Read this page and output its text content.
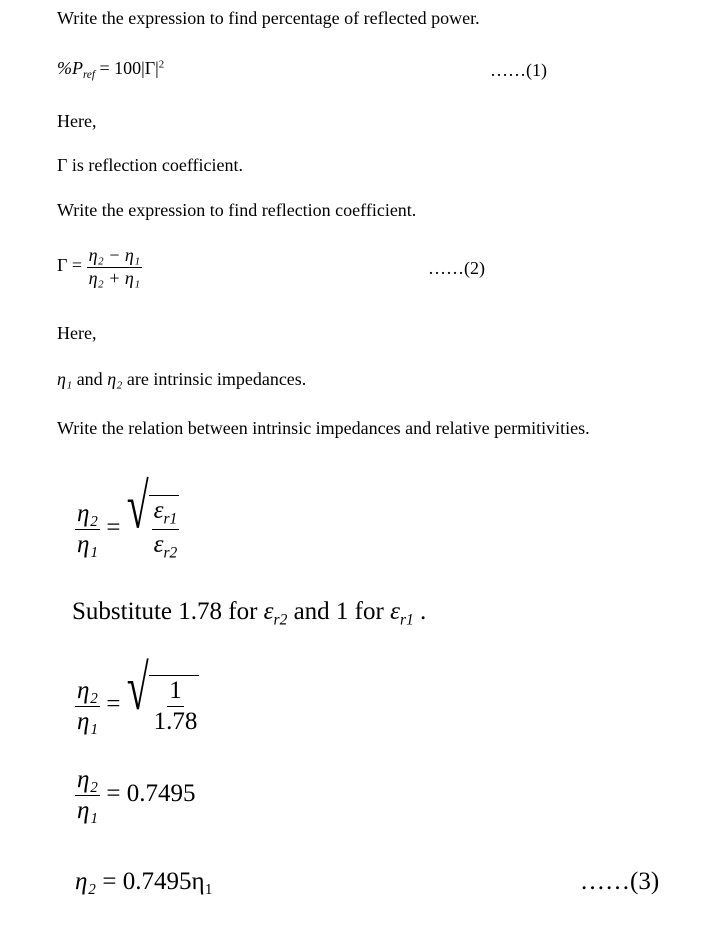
Write the expression to find percentage of reflected power.
$\%P_{ref} = 100|\Gamma|^2$	……(1)
Here,
Γ is reflection coefficient.
Write the expression to find reflection coefficient.
$\Gamma = \frac{\text{η₂ − η₁}}{\text{η₂ + η₁}}$	……(2)
Here,
η₁ and η₂ are intrinsic impedances.
Write the relation between intrinsic impedances and relative permitivities.
$\frac{\text{η₂}}{\text{η₁}}$ = √ $\frac{\varepsilon_{r1}}{\varepsilon_{r2}}$
Substitute 1.78 for $\varepsilon_{r2}$ and 1 for $\varepsilon_{r1}$ .
$\frac{\text{η₂}}{\text{η₁}}$ = √ $\frac{1}{1.78}$
$\frac{\text{η₂}}{\text{η₁}} = 0.7495$
η₂ = 0.7495η₁	……(3)
